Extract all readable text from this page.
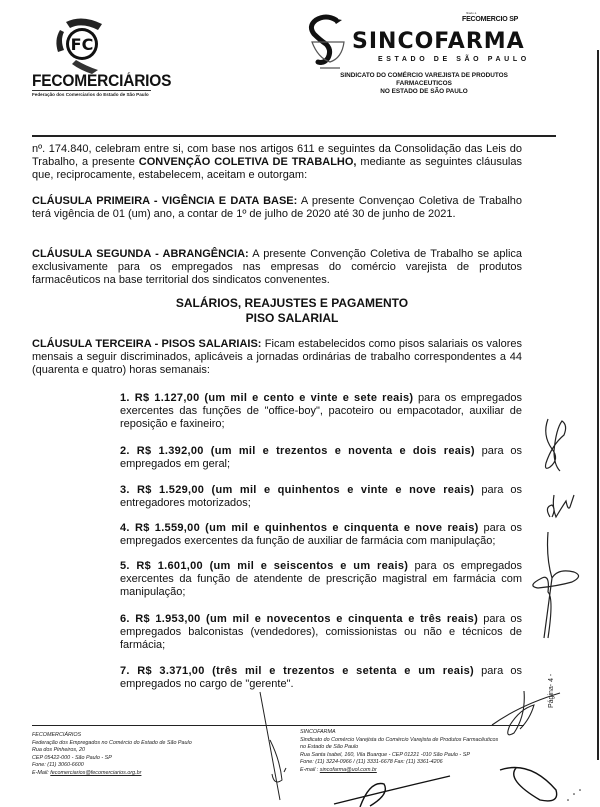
FC
FECOMERCIÁRIOS
Federação dos Comerciarios do Estado de São Paulo
filiado à
FECOMERCIO SP
SINCOFARMA
ESTADO DE SÃO PAULO
SINDICATO DO COMÉRCIO VAREJISTA DE PRODUTOS FARMACEUTICOS
NO ESTADO DE SÃO PAULO

nº. 174.840, celebram entre si, com base nos artigos 611 e seguintes da Consolidação das Leis do Trabalho, a presente CONVENÇÃO COLETIVA DE TRABALHO, mediante as seguintes cláusulas que, reciprocamente, estabelecem, aceitam e outorgam:

CLÁUSULA PRIMEIRA - VIGÊNCIA E DATA BASE: A presente Convençao Coletiva de Trabalho terá vigência de 01 (um) ano, a contar de 1º de julho de 2020 até 30 de junho de 2021.

CLÁUSULA SEGUNDA - ABRANGÊNCIA: A presente Convenção Coletiva de Trabalho se aplica exclusivamente para os empregados nas empresas do comércio varejista de produtos farmacêuticos na base territorial dos sindicatos convenentes.

SALÁRIOS, REAJUSTES E PAGAMENTO
PISO SALARIAL

CLÁUSULA TERCEIRA - PISOS SALARIAIS: Ficam estabelecidos como pisos salariais os valores mensais a seguir discriminados, aplicáveis a jornadas ordinárias de trabalho correspondentes a 44 (quarenta e quatro) horas semanais:

1. R$ 1.127,00 (um mil e cento e vinte e sete reais) para os empregados exercentes das funções de "office-boy", pacoteiro ou empacotador, auxiliar de reposição e faxineiro;

2. R$ 1.392,00 (um mil e trezentos e noventa e dois reais) para os empregados em geral;

3. R$ 1.529,00 (um mil e quinhentos e vinte e nove reais) para os entregadores motorizados;

4. R$ 1.559,00 (um mil e quinhentos e cinquenta e nove reais) para os empregados exercentes da função de auxiliar de farmácia com manipulação;

5. R$ 1.601,00 (um mil e seiscentos e um reais) para os empregados exercentes da função de atendente de prescrição magistral em farmácia com manipulação;

6. R$ 1.953,00 (um mil e novecentos e cinquenta e três reais) para os empregados balconistas (vendedores), comissionistas ou não e técnicos de farmácia;

7. R$ 3.371,00 (três mil e trezentos e setenta e um reais) para os empregados no cargo de "gerente".	Página- 4 -
FECOMERCIÁRIOS
Federação dos Empregados no Comércio do Estado de São Paulo
Rua dos Pinheiros, 20
CEP 05422-000 - São Paulo - SP
Fone: (11) 3060-6600
E-Mail: fecomerciarios@fecomerciarios.org.br
SINCOFARMA
Sindicato do Comércio Varejista do Comércio Varejista de Produtos Farmacêuticos
no Estado de São Paulo
Rua Santa Isabel, 160, Vila Buarque - CEP 01221 -010 São Paulo - SP
Fone: (11) 3224-0966 / (11) 3331-6678 Fax: (11) 3361-4206
E-mail : sincofarma@uol.com.br
